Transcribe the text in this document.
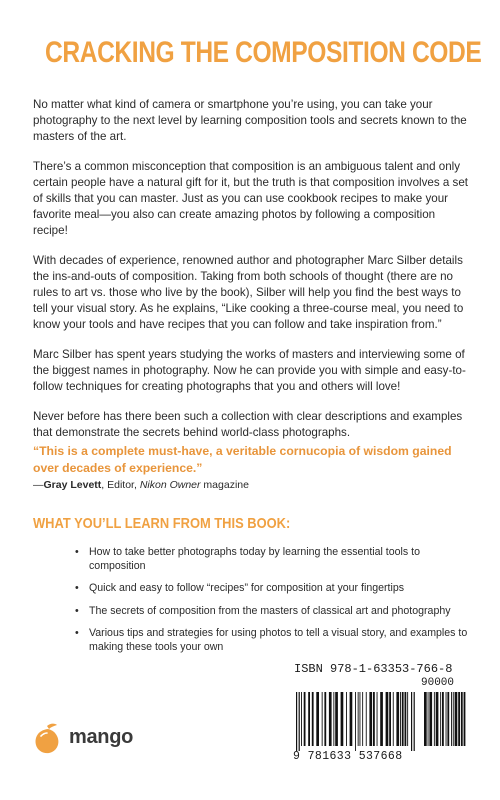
CRACKING THE COMPOSITION CODE

No matter what kind of camera or smartphone you’re using, you can take your photography to the next level by learning composition tools and secrets known to the masters of the art.

There’s a common misconception that composition is an ambiguous talent and only certain people have a natural gift for it, but the truth is that composition involves a set of skills that you can master. Just as you can use cookbook recipes to make your favorite meal—you also can create amazing photos by following a composition recipe!

With decades of experience, renowned author and photographer Marc Silber details the ins-and-outs of composition. Taking from both schools of thought (there are no rules to art vs. those who live by the book), Silber will help you find the best ways to tell your visual story. As he explains, “Like cooking a three-course meal, you need to know your tools and have recipes that you can follow and take inspiration from.”

Marc Silber has spent years studying the works of masters and interviewing some of the biggest names in photography. Now he can provide you with simple and easy-to-follow techniques for creating photographs that you and others will love!

Never before has there been such a collection with clear descriptions and examples that demonstrate the secrets behind world-class photographs.

“This is a complete must-have, a veritable cornucopia of wisdom gained over decades of experience.”
—Gray Levett, Editor, Nikon Owner magazine
WHAT YOU’LL LEARN FROM THIS BOOK:
• How to take better photographs today by learning the essential tools to composition
• Quick and easy to follow “recipes” for composition at your fingertips
• The secrets of composition from the masters of classical art and photography
• Various tips and strategies for using photos to tell a visual story, and examples to making these tools your own
mango
ISBN 978-1-63353-766-8
90000
9 781633 537668
